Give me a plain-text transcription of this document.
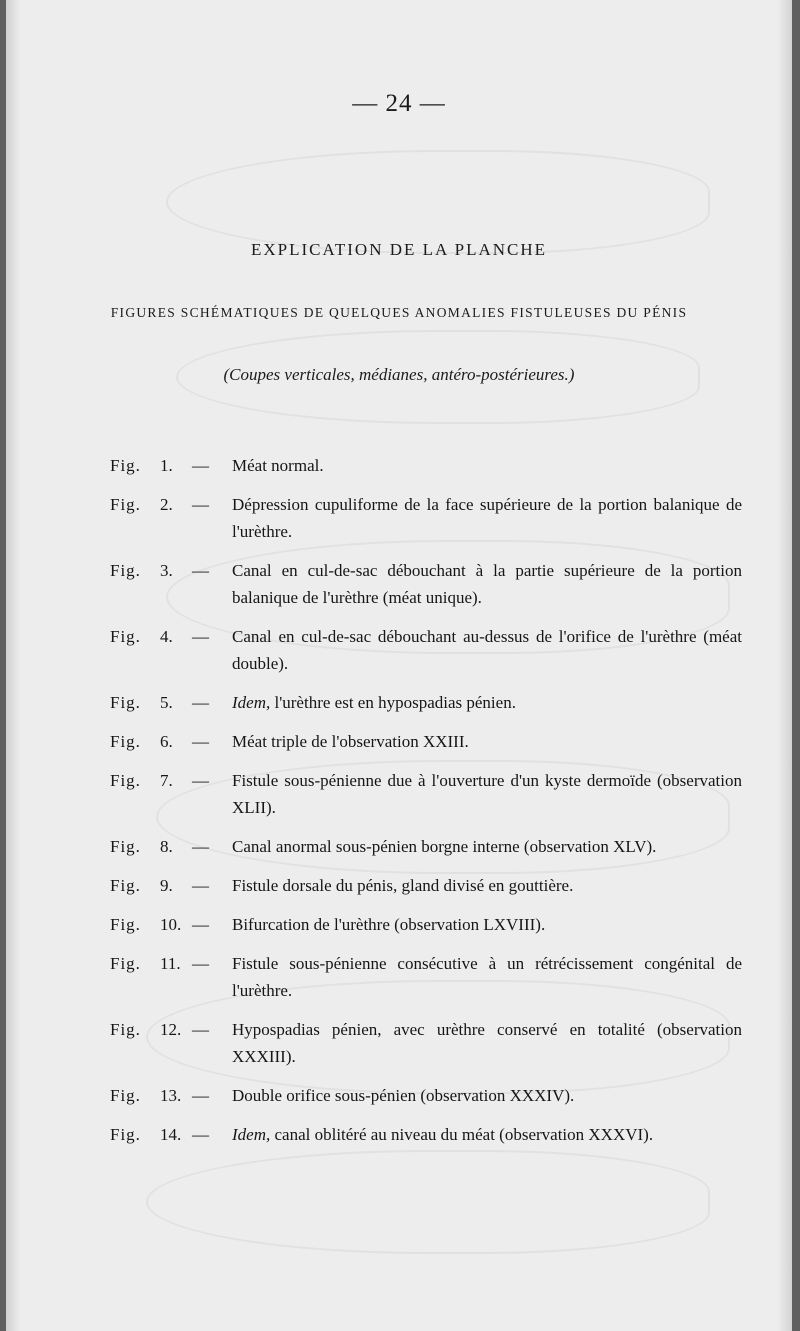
— 24 —
EXPLICATION DE LA PLANCHE
FIGURES SCHÉMATIQUES DE QUELQUES ANOMALIES FISTULEUSES DU PÉNIS
(Coupes verticales, médianes, antéro-postérieures.)
Fig. 1.	— Méat normal.
Fig. 2.	— Dépression cupuliforme de la face supérieure de la portion balanique de l'urèthre.
Fig. 3.	— Canal en cul-de-sac débouchant à la partie supérieure de la portion balanique de l'urèthre (méat unique).
Fig. 4.	— Canal en cul-de-sac débouchant au-dessus de l'orifice de l'urèthre (méat double).
Fig. 5.	— Idem, l'urèthre est en hypospadias pénien.
Fig. 6.	— Méat triple de l'observation XXIII.
Fig. 7.	— Fistule sous-pénienne due à l'ouverture d'un kyste dermoïde (observation XLII).
Fig. 8.	— Canal anormal sous-pénien borgne interne (observation XLV).
Fig. 9.	— Fistule dorsale du pénis, gland divisé en gouttière.
Fig. 10. — Bifurcation de l'urèthre (observation LXVIII).
Fig. 11. — Fistule sous-pénienne consécutive à un rétrécissement congénital de l'urèthre.
Fig. 12. — Hypospadias pénien, avec urèthre conservé en totalité (observation XXXIII).
Fig. 13. — Double orifice sous-pénien (observation XXXIV).
Fig. 14. — Idem, canal oblitéré au niveau du méat (observation XXXVI).
